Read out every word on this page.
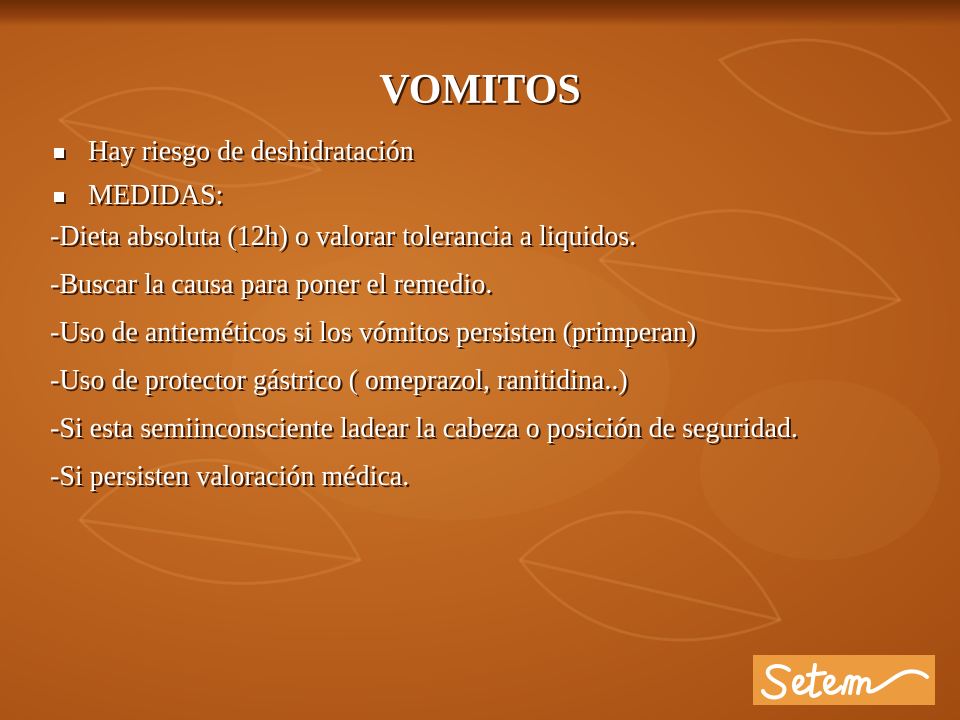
VOMITOS
Hay riesgo de deshidratación
MEDIDAS:
-Dieta absoluta (12h) o valorar tolerancia a liquidos.
-Buscar la causa para poner el remedio.
-Uso de antieméticos si los vómitos persisten (primperan)
-Uso de protector gástrico ( omeprazol, ranitidina..)
-Si esta semiinconsciente ladear la cabeza o posición de seguridad.
-Si persisten valoración médica.
